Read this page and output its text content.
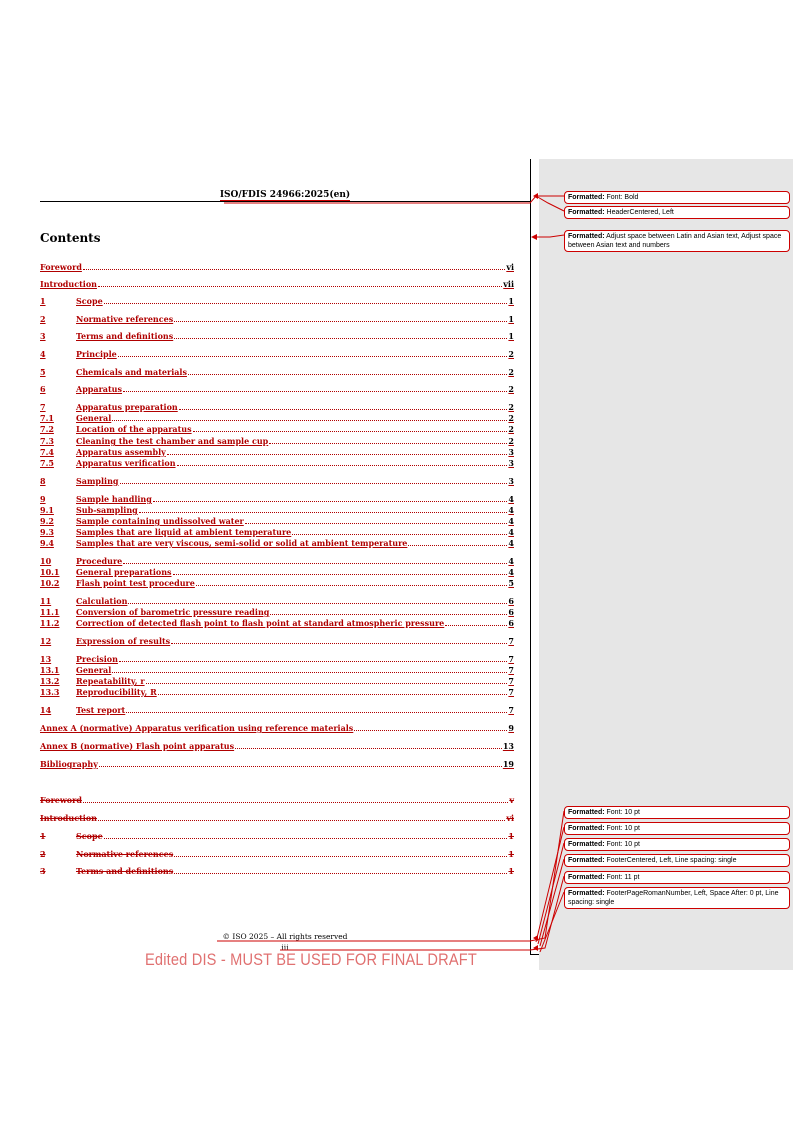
ISO/FDIS 24966:2025(en)
Contents
Foreword	vi
Introduction	vii
1	Scope	1
2	Normative references	1
3	Terms and definitions	1
4	Principle	2
5	Chemicals and materials	2
6	Apparatus	2
7	Apparatus preparation	2
7.1	General	2
7.2	Location of the apparatus	2
7.3	Cleaning the test chamber and sample cup	2
7.4	Apparatus assembly	3
7.5	Apparatus verification	3
8	Sampling	3
9	Sample handling	4
9.1	Sub-sampling	4
9.2	Sample containing undissolved water	4
9.3	Samples that are liquid at ambient temperature	4
9.4	Samples that are very viscous, semi-solid or solid at ambient temperature	4
10	Procedure	4
10.1	General preparations	4
10.2	Flash point test procedure	5
11	Calculation	6
11.1	Conversion of barometric pressure reading	6
11.2	Correction of detected flash point to flash point at standard atmospheric pressure	6
12	Expression of results	7
13	Precision	7
13.1	General	7
13.2	Repeatability, r	7
13.3	Reproducibility, R	7
14	Test report	7
Annex A (normative) Apparatus verification using reference materials	9
Annex B (normative) Flash point apparatus	13
Bibliography	19
Foreword	v
Introduction	vi
1	Scope	1
2	Normative references	1
3	Terms and definitions	1
© ISO 2025 – All rights reserved
iii
Edited DIS - MUST BE USED FOR FINAL DRAFT
Formatted: Font: Bold
Formatted: HeaderCentered, Left
Formatted: Adjust space between Latin and Asian text, Adjust space between Asian text and numbers
Formatted: Font: 10 pt
Formatted: Font: 10 pt
Formatted: Font: 10 pt
Formatted: FooterCentered, Left, Line spacing: single
Formatted: Font: 11 pt
Formatted: FooterPageRomanNumber, Left, Space After: 0 pt, Line spacing: single
